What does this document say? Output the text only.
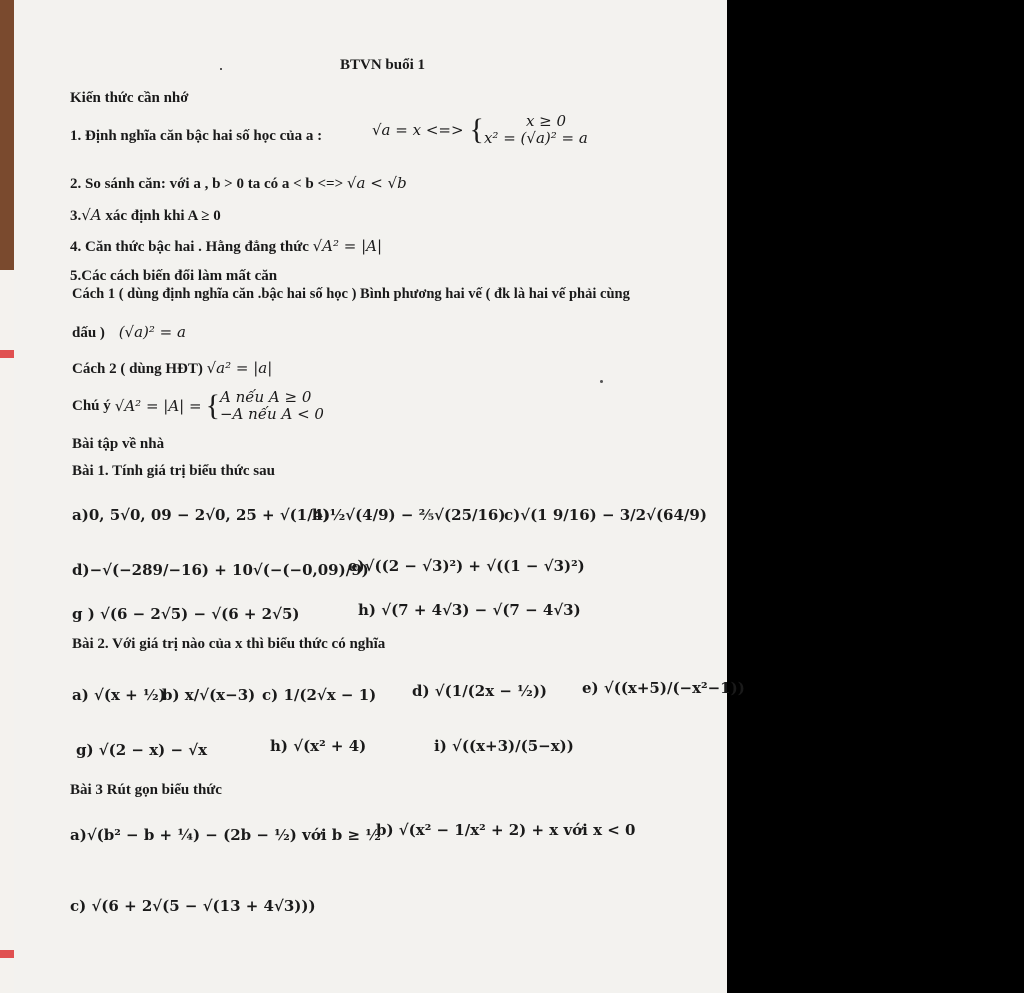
BTVN buổi 1
Kiến thức cần nhớ
1. Định nghĩa căn bậc hai số học của a :	√a = x <=> {	x ≥ 0
x² = (√a)² = a
2. So sánh căn: với a , b > 0 ta có a < b <=> √a < √b
3.√A xác định khi A ≥ 0
4. Căn thức bậc hai . Hằng đẳng thức √A² = |A|
5.Các cách biến đổi làm mất căn
Cách 1 ( dùng định nghĩa căn .bậc hai số học ) Bình phương hai vế ( đk là hai vế phải cùng
dấu ) (√a)² = a
Cách 2 ( dùng HĐT) √a² = |a|
Chú ý √A² = |A| = { A nếu A ≥ 0
−A nếu A < 0
Bài tập về nhà
Bài 1. Tính giá trị biểu thức sau
a)0, 5√0, 09 − 2√0, 25 + √(1/4)
b)½√(4/9) − ⅖√(25/16)
c)√(1 9/16) − 3/2√(64/9)
d)−√(−289/−16) + 10√(−(−0,09)/9)
e)√((2 − √3)²) + √((1 − √3)²)
g ) √(6 − 2√5) − √(6 + 2√5)	h) √(7 + 4√3) − √(7 − 4√3)
Bài 2. Với giá trị nào của x thì biểu thức có nghĩa
a) √(x + ½)
b) x/√(x−3) c) 1/(2√x − 1) d) √(1/(2x − ½)) e) √((x+5)/(−x²−1))
g) √(2 − x) − √x	h) √(x² + 4)	i) √((x+3)/(5−x))
Bài 3 Rút gọn biểu thức
a)√(b² − b + ¼) − (2b − ½) với b ≥ ½
b) √(x² − 1/x² + 2) + x với x < 0
c) √(6 + 2√(5 − √(13 + 4√3)))
